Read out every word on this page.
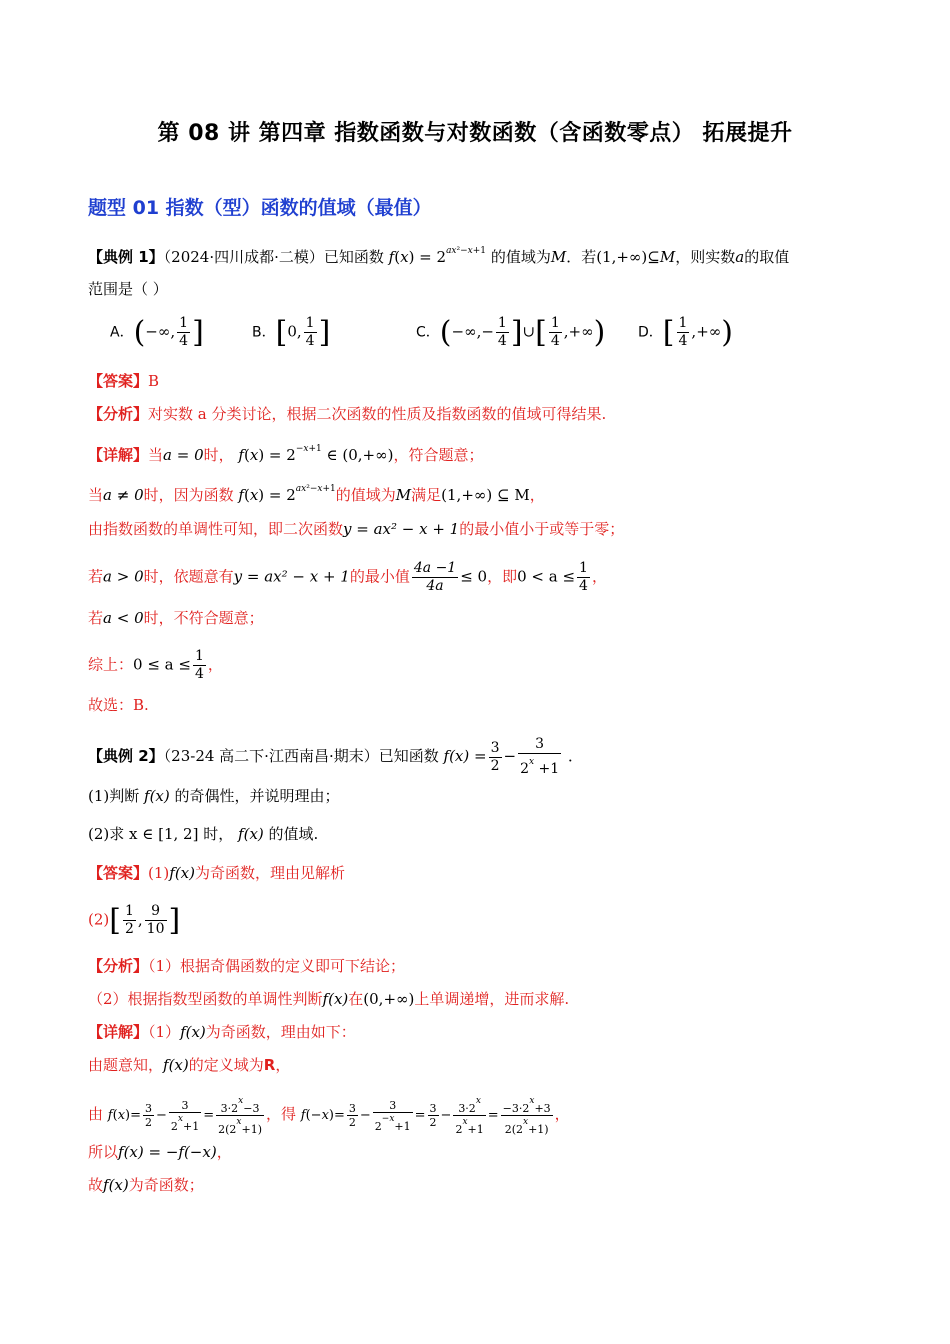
第 08 讲 第四章 指数函数与对数函数（含函数零点） 拓展提升
题型 01 指数（型）函数的值域（最值）
【典例 1】（2024·四川成都·二模）已知函数 $f(x) = 2^{ax^2-x+1}$ 的值域为M．若(1,+∞)⊆M，则实数a的取值
范围是（ ）
A．(−∞, $\frac{1}{4}$ ]	B．[0, $\frac{1}{4}$ ]	C．(−∞,− $\frac{1}{4}$ ]∪[ $\frac{1}{4}$ ,+∞) D．[ $\frac{1}{4}$ ,+∞)
【答案】B
【分析】对实数 a 分类讨论，根据二次函数的性质及指数函数的值域可得结果.
【详解】当a = 0时， $f(x) = 2^{-x+1}$ ∈ (0,+∞)，符合题意；
当a ≠ 0时，因为函数 $f(x) = 2^{ax^2-x+1}$的值域为M满足(1,+∞) ⊆ M，
由指数函数的单调性可知，即二次函数y = ax² − x + 1的最小值小于或等于零；
若a > 0时，依题意有y = ax² − x + 1的最小值 $\frac{4a -1}{4a} \le 0$，即$0 < a \le \frac{1}{4}$ ，
若a < 0时，不符合题意；
综上：$0 \le a \le \frac{1}{4}$ ，
故选：B.
【典例 2】（23-24 高二下·江西南昌·期末）已知函数 $f(x) = \frac{3}{2} - \frac{3}{2^x +1}$ ．
(1)判断 f(x) 的奇偶性，并说明理由；
(2)求 x ∈ [1, 2] 时， f(x) 的值域.
【答案】(1)f(x)为奇函数，理由见解析
$(2)[ \frac{1}{2}$ , $\frac{9}{10}$ ]
【分析】（1）根据奇偶函数的定义即可下结论；
（2）根据指数型函数的单调性判断f(x)在(0,+∞)上单调递增，进而求解.
【详解】（1）f(x)为奇函数，理由如下：
由题意知，f(x)的定义域为R，
由 $f(x)= \frac{3}{2} - \frac{3}{2^x+1} = \frac{3\cdot 2^x-3}{2(2^x+1)}$ ，得 $f(-x)= \frac{3}{2} - \frac{3}{2^{-x}+1} = \frac{3}{2} - \frac{3\cdot 2^x}{2^x+1} = \frac{-3\cdot 2^x+3}{2(2^x+1)}$ ，
所以f(x) = −f(−x)，
故f(x)为奇函数；
